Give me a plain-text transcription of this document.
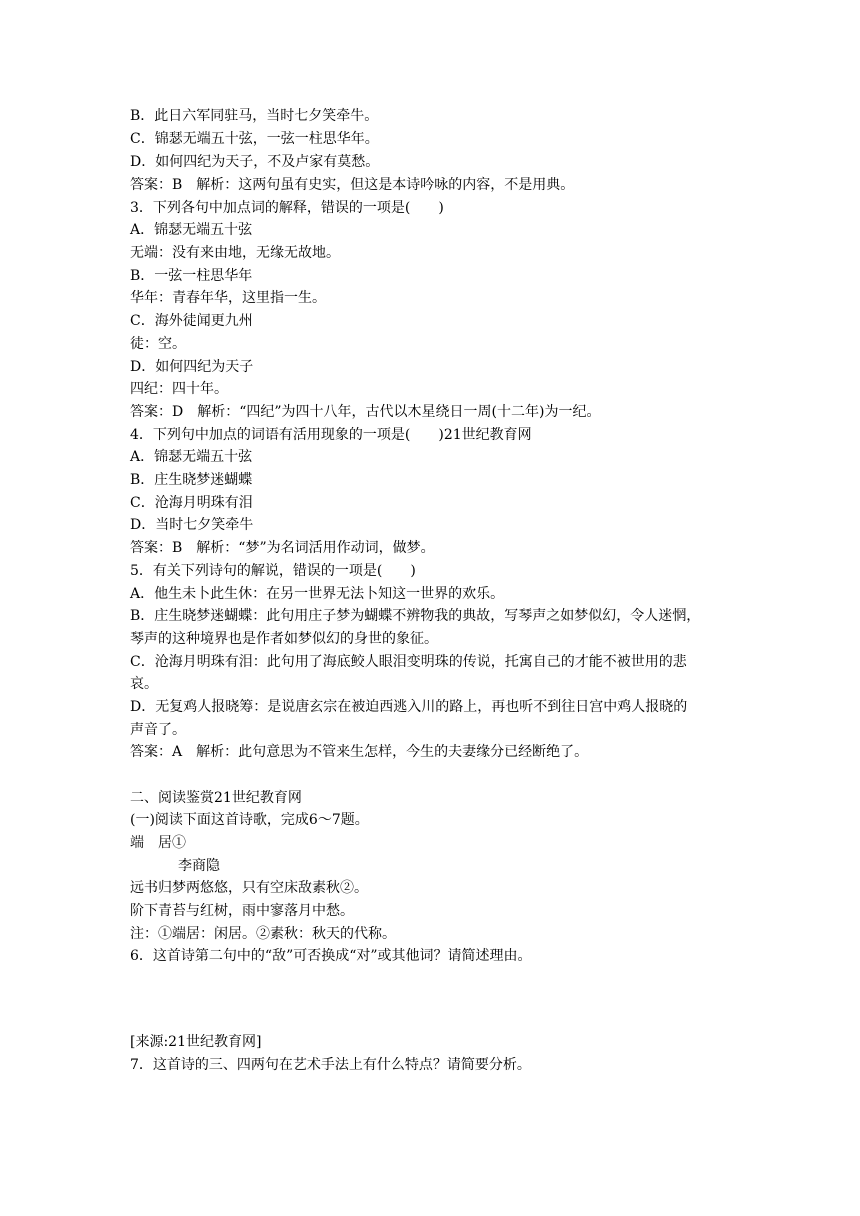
B．此日六军同驻马，当时七夕笑牵牛。
C．锦瑟无端五十弦，一弦一柱思华年。
D．如何四纪为天子，不及卢家有莫愁。
答案：B　解析：这两句虽有史实，但这是本诗吟咏的内容，不是用典。
3．下列各句中加点词的解释，错误的一项是(　　)
A．锦瑟无端五十弦
无端：没有来由地，无缘无故地。
B．一弦一柱思华年
华年：青春年华，这里指一生。
C．海外徒闻更九州
徒：空。
D．如何四纪为天子
四纪：四十年。
答案：D　解析：“四纪”为四十八年，古代以木星绕日一周(十二年)为一纪。
4．下列句中加点的词语有活用现象的一项是(　　)21世纪教育网
A．锦瑟无端五十弦
B．庄生晓梦迷蝴蝶
C．沧海月明珠有泪
D．当时七夕笑牵牛
答案：B　解析：“梦”为名词活用作动词，做梦。
5．有关下列诗句的解说，错误的一项是(　　)
A．他生未卜此生休：在另一世界无法卜知这一世界的欢乐。
B．庄生晓梦迷蝴蝶：此句用庄子梦为蝴蝶不辨物我的典故，写琴声之如梦似幻，令人迷惘，
琴声的这种境界也是作者如梦似幻的身世的象征。
C．沧海月明珠有泪：此句用了海底鲛人眼泪变明珠的传说，托寓自己的才能不被世用的悲
哀。
D．无复鸡人报晓筹：是说唐玄宗在被迫西逃入川的路上，再也听不到往日宫中鸡人报晓的
声音了。
答案：A　解析：此句意思为不管来生怎样，今生的夫妻缘分已经断绝了。
二、阅读鉴赏21世纪教育网
(一)阅读下面这首诗歌，完成6～7题。
端　居①
李商隐
远书归梦两悠悠，只有空床敌素秋②。
阶下青苔与红树，雨中寥落月中愁。
注：①端居：闲居。②素秋：秋天的代称。
6．这首诗第二句中的“敌”可否换成“对”或其他词？请简述理由。
[来源:21世纪教育网]
7．这首诗的三、四两句在艺术手法上有什么特点？请简要分析。
